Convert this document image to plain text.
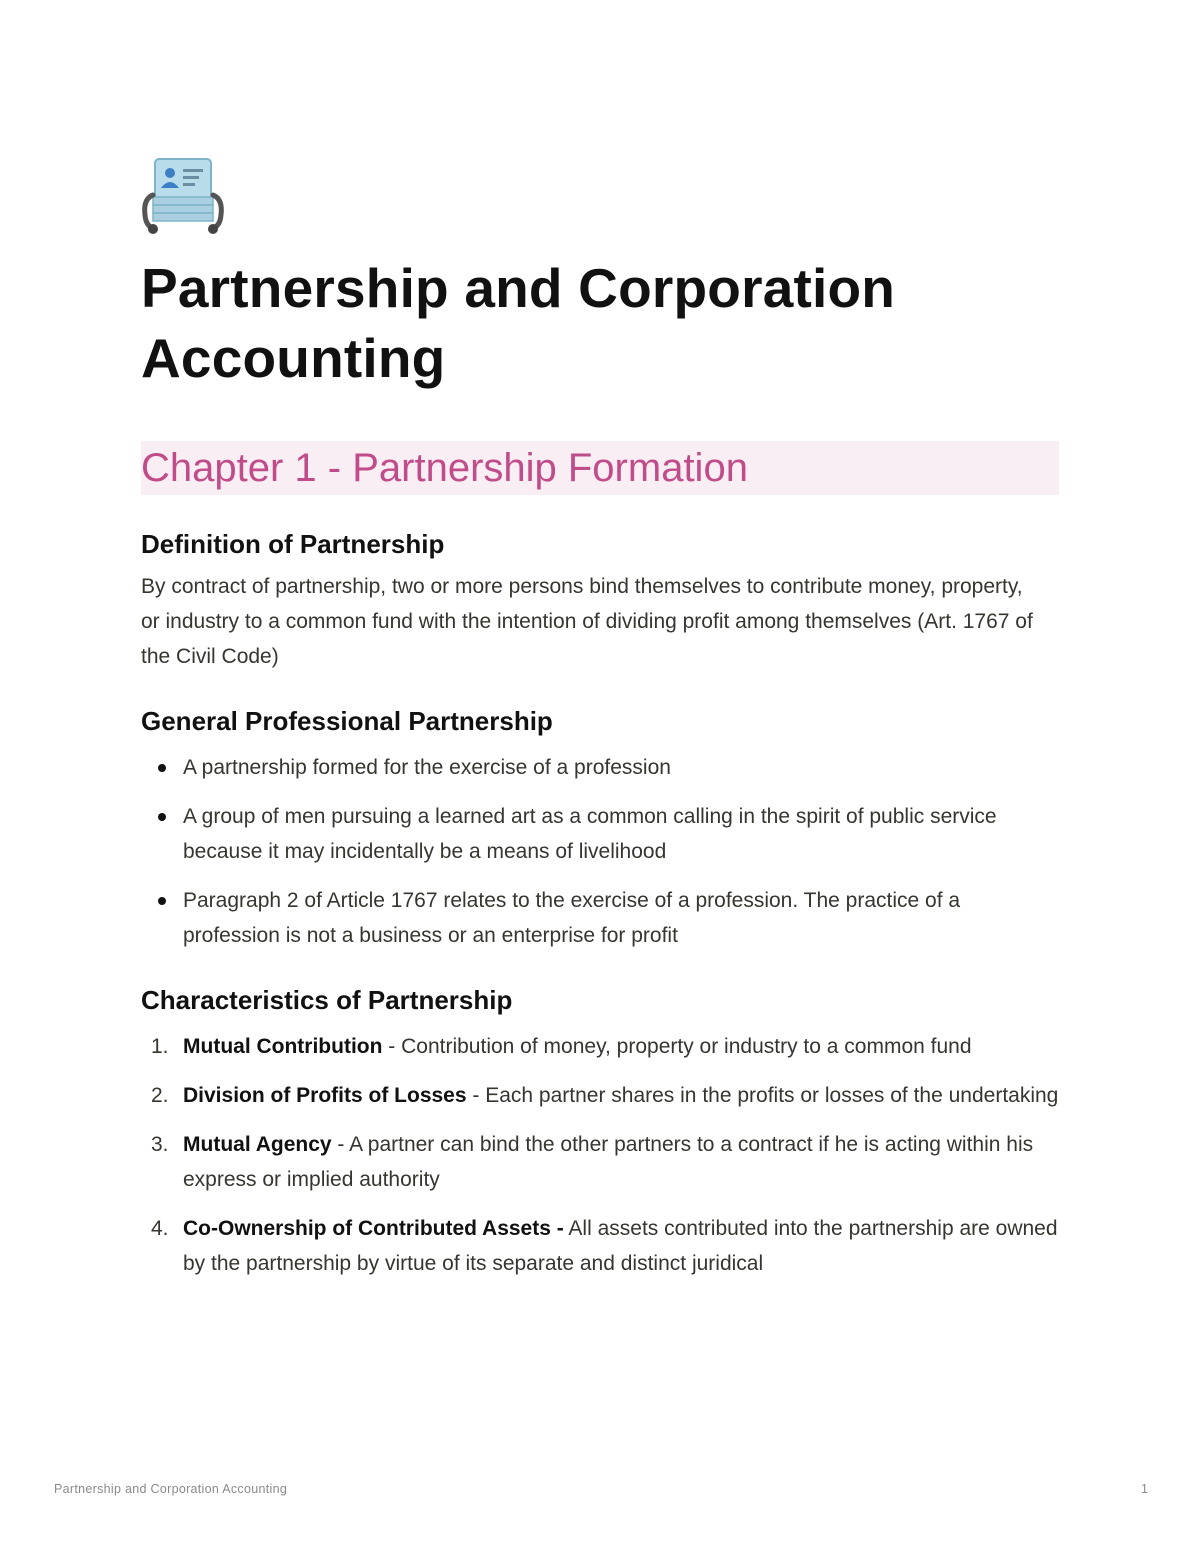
Partnership and Corporation Accounting
Chapter 1 - Partnership Formation
Definition of Partnership

By contract of partnership, two or more persons bind themselves to contribute money, property, or industry to a common fund with the intention of dividing profit among themselves (Art. 1767 of the Civil Code)

General Professional Partnership
A partnership formed for the exercise of a profession
A group of men pursuing a learned art as a common calling in the spirit of public service because it may incidentally be a means of livelihood
Paragraph 2 of Article 1767 relates to the exercise of a profession. The practice of a profession is not a business or an enterprise for profit
Characteristics of Partnership
1. Mutual Contribution - Contribution of money, property or industry to a common fund
2. Division of Profits of Losses - Each partner shares in the profits or losses of the undertaking
3. Mutual Agency - A partner can bind the other partners to a contract if he is acting within his express or implied authority
4. Co-Ownership of Contributed Assets - All assets contributed into the partnership are owned by the partnership by virtue of its separate and distinct juridical
Partnership and Corporation Accounting	1
